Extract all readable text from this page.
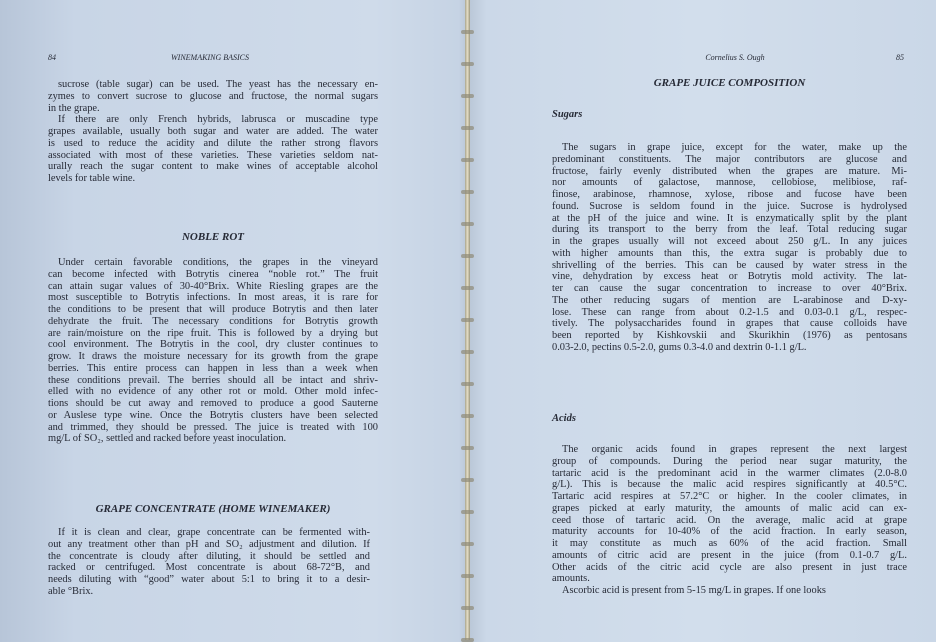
84	WINEMAKING BASICS
sucrose (table sugar) can be used. The yeast has the necessary en-
zymes to convert sucrose to glucose and fructose, the normal sugars
in the grape.
If there are only French hybrids, labrusca or muscadine type
grapes available, usually both sugar and water are added. The water
is used to reduce the acidity and dilute the rather strong flavors
associated with most of these varieties. These varieties seldom nat-
urally reach the sugar content to make wines of acceptable alcohol
levels for table wine.
NOBLE ROT
Under certain favorable conditions, the grapes in the vineyard
can become infected with Botrytis cinerea “noble rot.” The fruit
can attain sugar values of 30-40°Brix. White Riesling grapes are the
most susceptible to Botrytis infections. In most areas, it is rare for
the conditions to be present that will produce Botrytis and then later
dehydrate the fruit. The necessary conditions for Botrytis growth
are rain/moisture on the ripe fruit. This is followed by a drying but
cool environment. The Botrytis in the cool, dry cluster continues to
grow. It draws the moisture necessary for its growth from the grape
berries. This entire process can happen in less than a week when
these conditions prevail. The berries should all be intact and shriv-
elled with no evidence of any other rot or mold. Other mold infec-
tions should be cut away and removed to produce a good Sauterne
or Auslese type wine. Once the Botrytis clusters have been selected
and trimmed, they should be pressed. The juice is treated with 100
mg/L of SO₂, settled and racked before yeast inoculation.
GRAPE CONCENTRATE (HOME WINEMAKER)
If it is clean and clear, grape concentrate can be fermented with-
out any treatment other than pH and SO₂ adjustment and dilution. If
the concentrate is cloudy after diluting, it should be settled and
racked or centrifuged. Most concentrate is about 68-72°B, and
needs diluting with “good” water about 5:1 to bring it to a desir-
able °Brix.
Cornelius S. Ough	85
GRAPE JUICE COMPOSITION
Sugars
The sugars in grape juice, except for the water, make up the
predominant constituents. The major contributors are glucose and
fructose, fairly evenly distributed when the grapes are mature. Mi-
nor amounts of galactose, mannose, cellobiose, melibiose, raf-
finose, arabinose, rhamnose, xylose, ribose and fucose have been
found. Sucrose is seldom found in the juice. Sucrose is hydrolysed
at the pH of the juice and wine. It is enzymatically split by the plant
during its transport to the berry from the leaf. Total reducing sugar
in the grapes usually will not exceed about 250 g/L. In any juices
with higher amounts than this, the extra sugar is probably due to
shrivelling of the berries. This can be caused by water stress in the
vine, dehydration by excess heat or Botrytis mold activity. The lat-
ter can cause the sugar concentration to increase to over 40°Brix.
The other reducing sugars of mention are L-arabinose and D-xy-
lose. These can range from about 0.2-1.5 and 0.03-0.1 g/L, respec-
tively. The polysaccharides found in grapes that cause colloids have
been reported by Kishkovskii and Skurikhin (1976) as pentosans
0.03-2.0, pectins 0.5-2.0, gums 0.3-4.0 and dextrin 0-1.1 g/L.
Acids
The organic acids found in grapes represent the next largest
group of compounds. During the period near sugar maturity, the
tartaric acid is the predominant acid in the warmer climates (2.0-8.0
g/L). This is because the malic acid respires significantly at 40.5°C.
Tartaric acid respires at 57.2°C or higher. In the cooler climates, in
grapes picked at early maturity, the amounts of malic acid can ex-
ceed those of tartaric acid. On the average, malic acid at grape
maturity accounts for 10-40% of the acid fraction. In early season,
it may constitute as much as 60% of the acid fraction. Small
amounts of citric acid are present in the juice (from 0.1-0.7 g/L.
Other acids of the citric acid cycle are also present in just trace
amounts.
Ascorbic acid is present from 5-15 mg/L in grapes. If one looks
